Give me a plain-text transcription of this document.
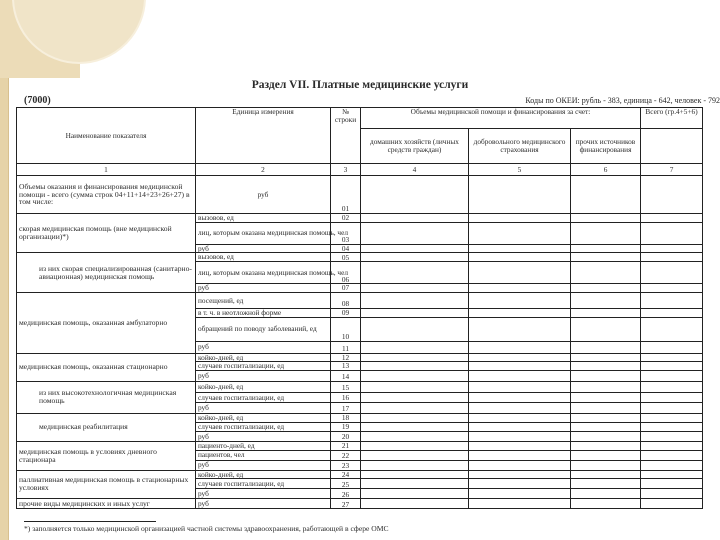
Раздел VII. Платные медицинские услуги
(7000)	Коды по ОКЕИ: рубль - 383, единица - 642, человек - 792
Наименование показателя	Единица измерения	№ строки	Объемы медицинской помощи и финансирования за счет:			Всего (гр.4+5+6)
			домашних хозяйств (личных средств граждан)	добровольного медицинского страхования	прочих источников финансирования	
1	2	3	4	5	6	7
Объемы оказания и финансирования медицинской помощи - всего (сумма строк 04+11+14+23+26+27) в том числе:	руб	01				
скорая медицинская помощь (вне медицинской организации)*)	вызовов, ед	02				
	лиц, которым оказана медицинская помощь, чел	03				
	руб	04				
из них скорая специализированная (санитарно-авиационная) медицинская помощь	вызовов, ед	05				
	лиц, которым оказана медицинская помощь, чел	06				
	руб	07				
медицинская помощь, оказанная амбулаторно	посещений, ед	08				
	в т. ч. в неотложной форме	09				
	обращений по поводу заболеваний, ед	10				
	руб	11				
медицинская помощь, оказанная стационарно	койко-дней, ед	12				
	случаев госпитализации, ед	13				
	руб	14				
из них высокотехнологичная медицинская помощь	койко-дней, ед	15				
	случаев госпитализации, ед	16				
	руб	17				
медицинская реабилитация	койко-дней, ед	18				
	случаев госпитализации, ед	19				
	руб	20				
медицинская помощь в условиях дневного стационара	пациенто-дней, ед	21				
	пациентов, чел	22				
	руб	23				
паллиативная медицинская помощь в стационарных условиях	койко-дней, ед	24				
	случаев госпитализации, ед	25				
	руб	26				
прочие виды медицинских и иных услуг	руб	27				
*) заполняется только медицинской организацией частной системы здравоохранения, работающей в сфере ОМС
